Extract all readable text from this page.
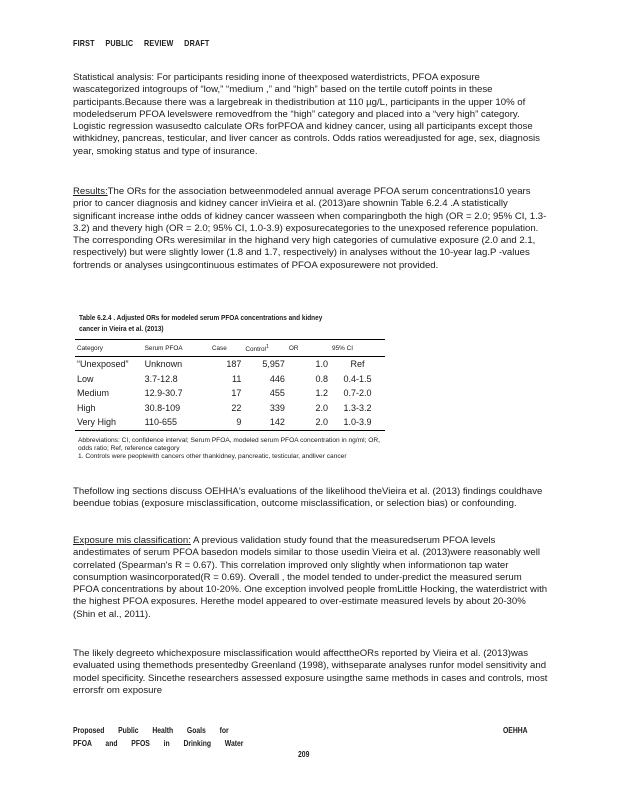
FIRST PUBLIC REVIEW DRAFT
Statistical analysis: For participants residing inone of theexposed waterdistricts, PFOA exposure wascategorized intogroups of “low,” “medium ,” and “high” based on the tertile cutoff points in these participants.Because there was a largebreak in thedistribution at 110 µg/L, participants in the upper 10% of modeledserum PFOA levelswere removedfrom the “high” category and placed into a “very high” category. Logistic regression wasusedto calculate ORs forPFOA and kidney cancer, using all participants except those withkidney, pancreas, testicular, and liver cancer as controls. Odds ratios wereadjusted for age, sex, diagnosis year, smoking status and type of insurance.
Results:The ORs for the association betweenmodeled annual average PFOA serum concentrations10 years prior to cancer diagnosis and kidney cancer inVieira et al. (2013)are shownin Table 6.2.4 .A statistically significant increase inthe odds of kidney cancer wasseen when comparingboth the high (OR = 2.0; 95% CI, 1.3-3.2) and thevery high (OR = 2.0; 95% CI, 1.0-3.9) exposurecategories to the unexposed reference population. The corresponding ORs weresimilar in the highand very high categories of cumulative exposure (2.0 and 2.1, respectively) but were slightly lower (1.8 and 1.7, respectively) in analyses without the 10-year lag.P -values fortrends or analyses usingcontinuous estimates of PFOA exposurewere not provided.
Table 6.2.4 . Adjusted ORs for modeled serum PFOA concentrations and kidney cancer in Vieira et al. (2013)
Category	Serum PFOA	Case	Control$^1$	OR	95% CI
“Unexposed”	Unknown	187	5,957	1.0	Ref
Low	3.7-12.8	11	446	0.8	0.4-1.5
Medium	12.9-30.7	17	455	1.2	0.7-2.0
High	30.8-109	22	339	2.0	1.3-3.2
Very High	110-655	9	142	2.0	1.0-3.9
Abbreviations: CI, confidence interval; Serum PFOA, modeled serum PFOA concentration in ng/ml; OR, odds ratio; Ref, reference category
1. Controls were peoplewith cancers other thankidney, pancreatic, testicular, andliver cancer
Thefollow ing sections discuss OEHHA's evaluations of the likelihood theVieira et al. (2013) findings couldhave beendue tobias (exposure misclassification, outcome misclassification, or selection bias) or confounding.
Exposure mis classification: A previous validation study found that the measuredserum PFOA levels andestimates of serum PFOA basedon models similar to those usedin Vieira et al. (2013)were reasonably well correlated (Spearman's R = 0.67). This correlation improved only slightly when informationon tap water consumption wasincorporated(R = 0.69). Overall , the model tended to under-predict the measured serum PFOA concentrations by about 10-20%. One exception involved people fromLittle Hocking, the waterdistrict with the highest PFOA exposures. Herethe model appeared to over-estimate measured levels by about 20-30% (Shin et al., 2011).
The likely degreeto whichexposure misclassification would affecttheORs reported by Vieira et al. (2013)was evaluated using themethods presentedby Greenland (1998), withseparate analyses runfor model sensitivity and model specificity. Sincethe researchers assessed exposure usingthe same methods in cases and controls, most errorsfr om exposure
Proposed Public Health Goals for
PFOA and PFOS in Drinking Water
OEHHA
209
